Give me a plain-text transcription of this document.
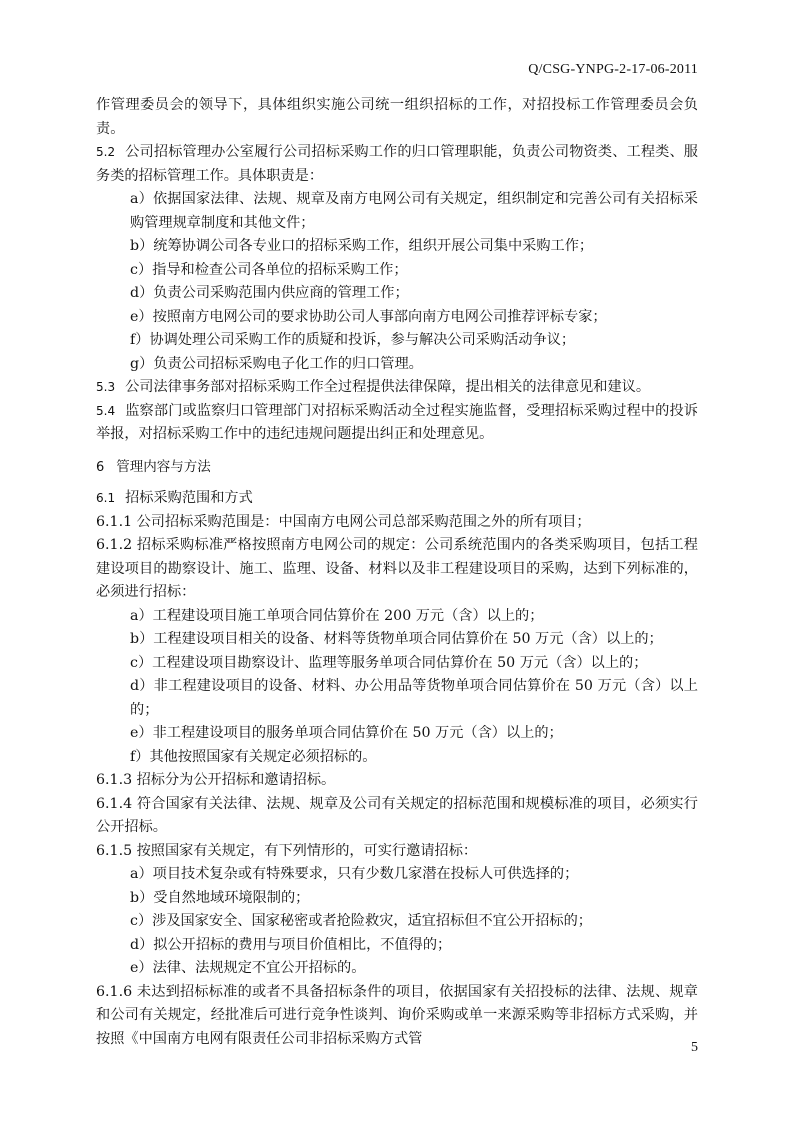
Q/CSG-YNPG-2-17-06-2011

作管理委员会的领导下，具体组织实施公司统一组织招标的工作，对招投标工作管理委员会负责。

5.2 公司招标管理办公室履行公司招标采购工作的归口管理职能，负责公司物资类、工程类、服务类的招标管理工作。具体职责是：

a）依据国家法律、法规、规章及南方电网公司有关规定，组织制定和完善公司有关招标采购管理规章制度和其他文件；

b）统筹协调公司各专业口的招标采购工作，组织开展公司集中采购工作；

c）指导和检查公司各单位的招标采购工作；

d）负责公司采购范围内供应商的管理工作；

e）按照南方电网公司的要求协助公司人事部向南方电网公司推荐评标专家；

f）协调处理公司采购工作的质疑和投诉，参与解决公司采购活动争议；

g）负责公司招标采购电子化工作的归口管理。

5.3 公司法律事务部对招标采购工作全过程提供法律保障，提出相关的法律意见和建议。

5.4 监察部门或监察归口管理部门对招标采购活动全过程实施监督，受理招标采购过程中的投诉举报，对招标采购工作中的违纪违规问题提出纠正和处理意见。

6 管理内容与方法

6.1 招标采购范围和方式

6.1.1 公司招标采购范围是：中国南方电网公司总部采购范围之外的所有项目；

6.1.2 招标采购标准严格按照南方电网公司的规定：公司系统范围内的各类采购项目，包括工程建设项目的勘察设计、施工、监理、设备、材料以及非工程建设项目的采购，达到下列标准的，必须进行招标：

a）工程建设项目施工单项合同估算价在 200 万元（含）以上的；

b）工程建设项目相关的设备、材料等货物单项合同估算价在 50 万元（含）以上的；

c）工程建设项目勘察设计、监理等服务单项合同估算价在 50 万元（含）以上的；

d）非工程建设项目的设备、材料、办公用品等货物单项合同估算价在 50 万元（含）以上的；

e）非工程建设项目的服务单项合同估算价在 50 万元（含）以上的；

f）其他按照国家有关规定必须招标的。

6.1.3 招标分为公开招标和邀请招标。

6.1.4 符合国家有关法律、法规、规章及公司有关规定的招标范围和规模标准的项目，必须实行公开招标。

6.1.5 按照国家有关规定，有下列情形的，可实行邀请招标：

a）项目技术复杂或有特殊要求，只有少数几家潜在投标人可供选择的；

b）受自然地域环境限制的；

c）涉及国家安全、国家秘密或者抢险救灾，适宜招标但不宜公开招标的；

d）拟公开招标的费用与项目价值相比，不值得的；

e）法律、法规规定不宜公开招标的。

6.1.6 未达到招标标准的或者不具备招标条件的项目，依据国家有关招投标的法律、法规、规章和公司有关规定，经批准后可进行竞争性谈判、询价采购或单一来源采购等非招标方式采购，并按照《中国南方电网有限责任公司非招标采购方式管

5
